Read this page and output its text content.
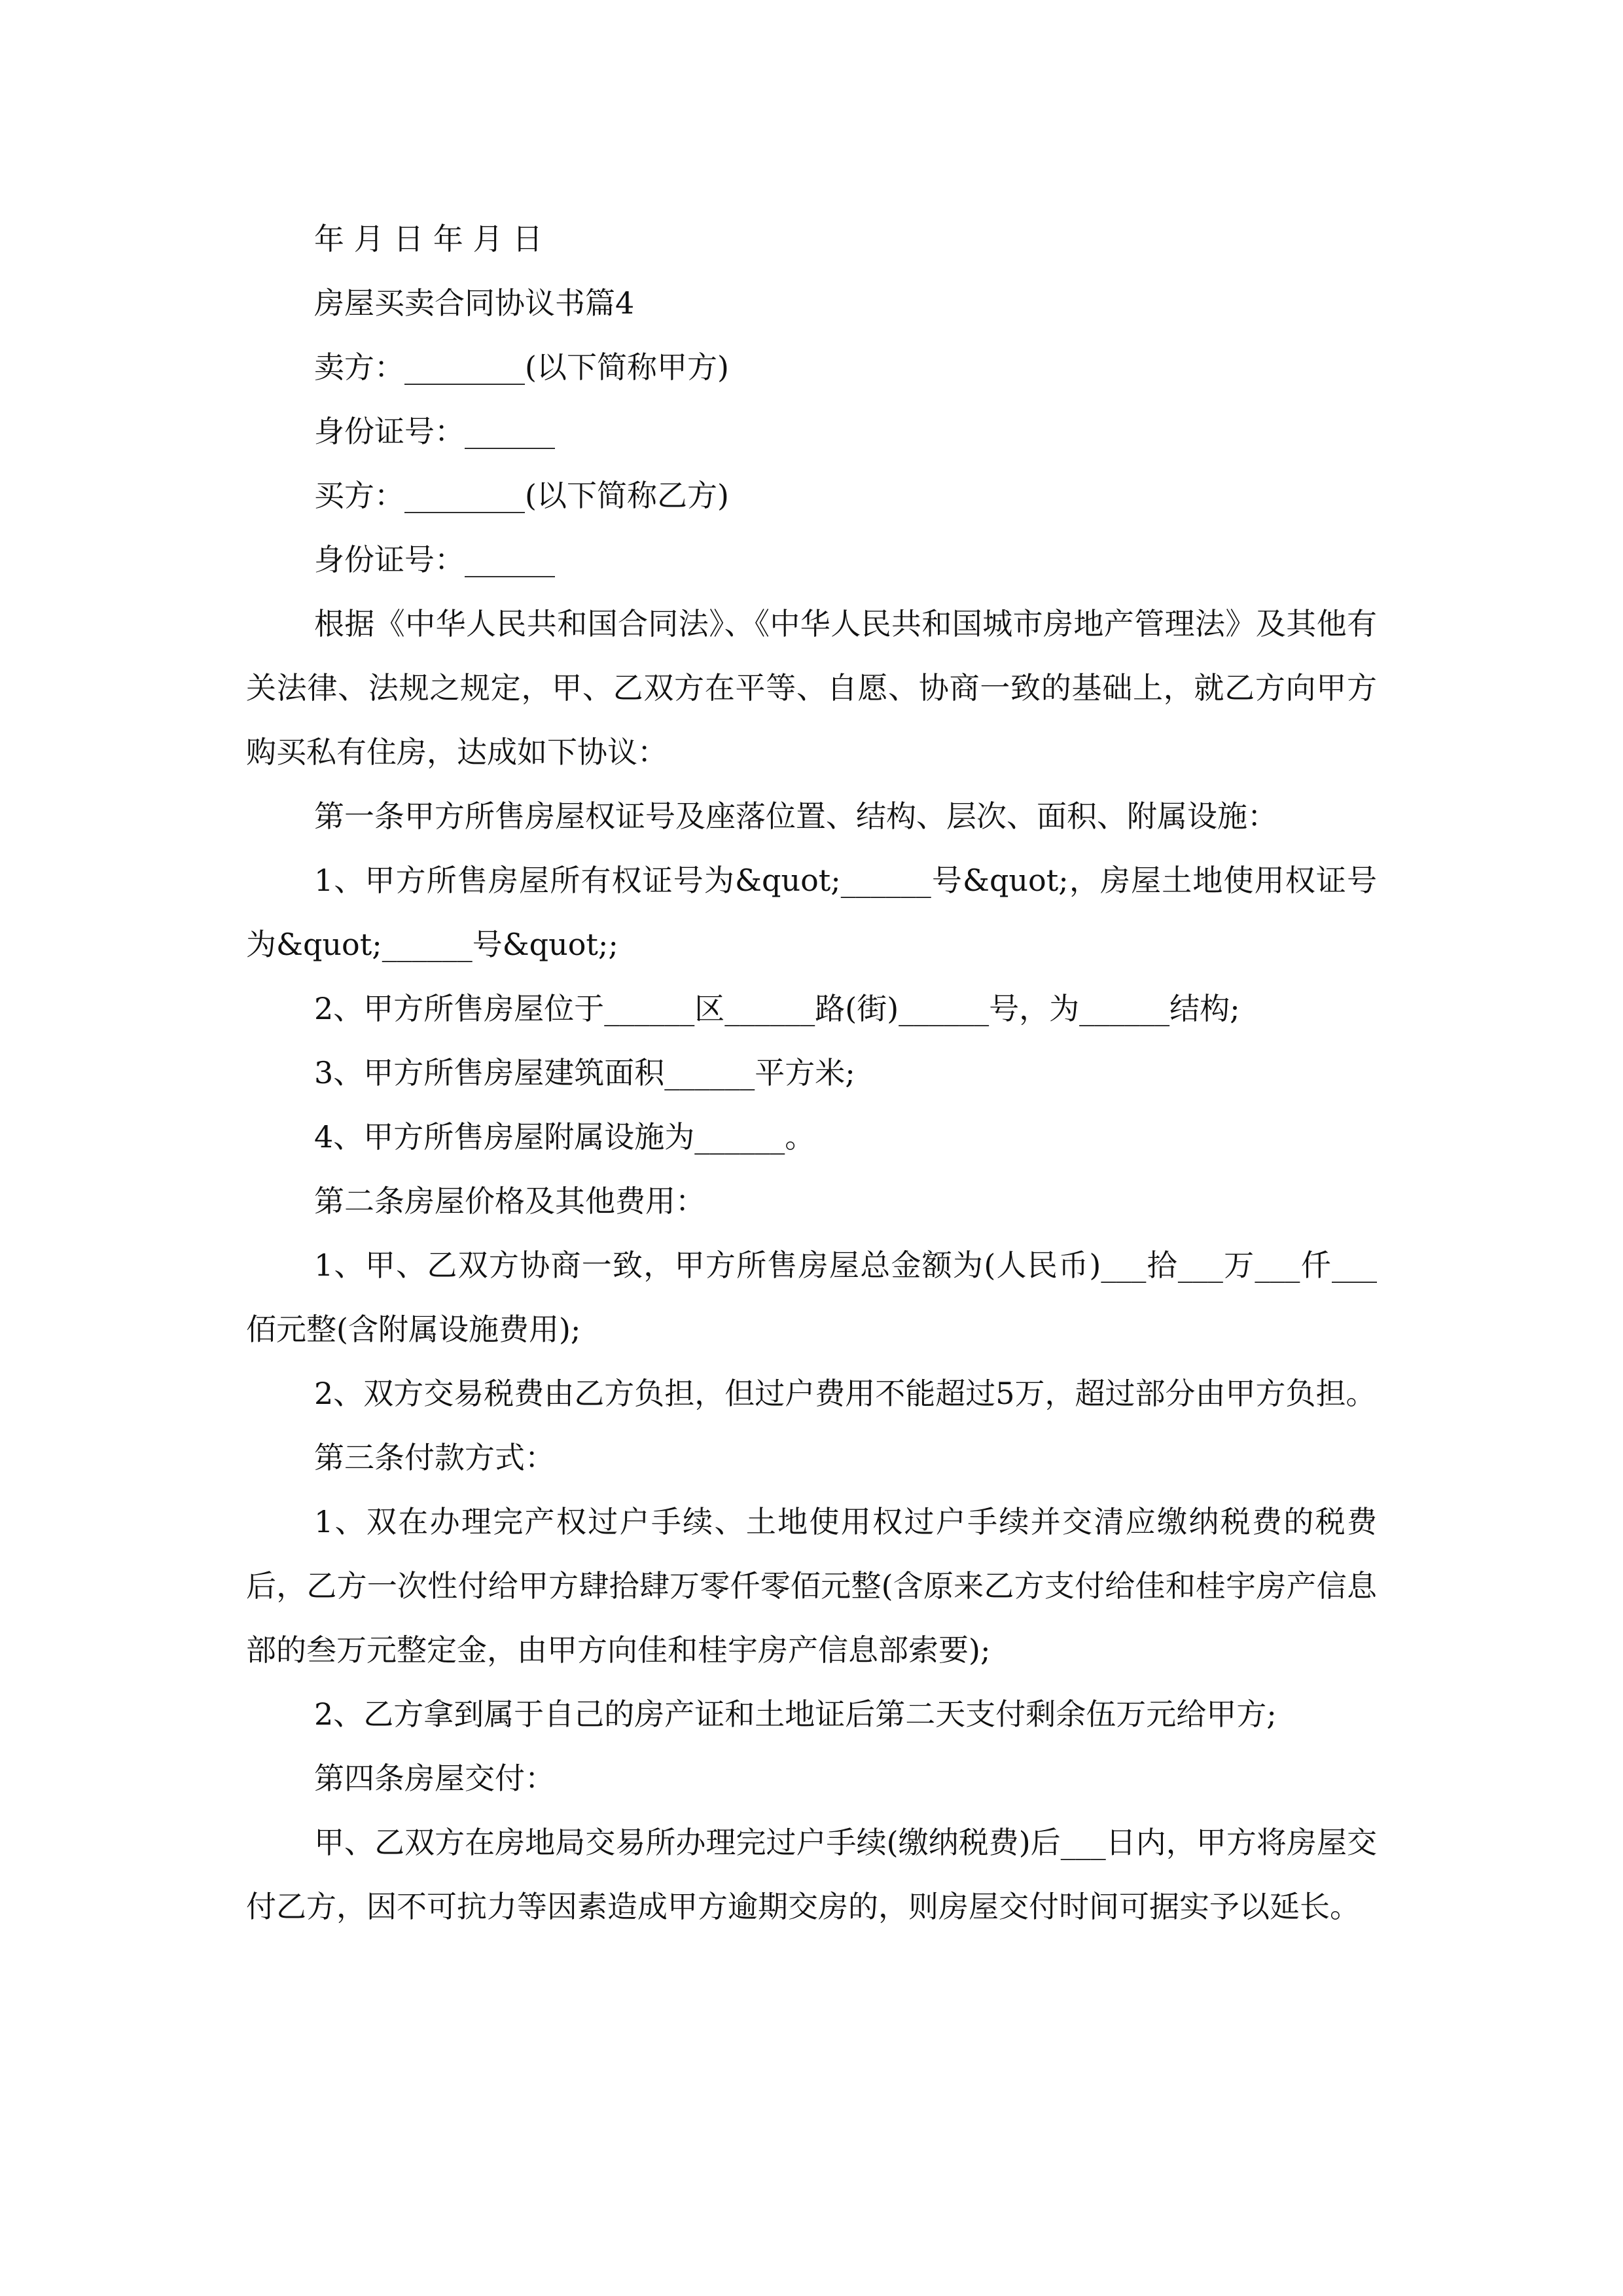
年 月 日 年 月 日

房屋买卖合同协议书篇4

卖方：________(以下简称甲方)

身份证号：______

买方：________(以下简称乙方)

身份证号：______

根据《中华人民共和国合同法》、《中华人民共和国城市房地产管理法》及其他有关法律、法规之规定，甲、乙双方在平等、自愿、协商一致的基础上，就乙方向甲方购买私有住房，达成如下协议：

第一条甲方所售房屋权证号及座落位置、结构、层次、面积、附属设施：

1、甲方所售房屋所有权证号为&quot;______号&quot;，房屋土地使用权证号为&quot;______号&quot;;

2、甲方所售房屋位于______区______路(街)______号，为______结构;

3、甲方所售房屋建筑面积______平方米;

4、甲方所售房屋附属设施为______。

第二条房屋价格及其他费用：

1、甲、乙双方协商一致，甲方所售房屋总金额为(人民币)___拾___万___仟___佰元整(含附属设施费用);

2、双方交易税费由乙方负担，但过户费用不能超过5万，超过部分由甲方负担。

第三条付款方式：

1、双在办理完产权过户手续、土地使用权过户手续并交清应缴纳税费的税费后，乙方一次性付给甲方肆拾肆万零仟零佰元整(含原来乙方支付给佳和桂宇房产信息部的叁万元整定金，由甲方向佳和桂宇房产信息部索要);

2、乙方拿到属于自己的房产证和土地证后第二天支付剩余伍万元给甲方;

第四条房屋交付：

甲、乙双方在房地局交易所办理完过户手续(缴纳税费)后___日内，甲方将房屋交付乙方，因不可抗力等因素造成甲方逾期交房的，则房屋交付时间可据实予以延长。
